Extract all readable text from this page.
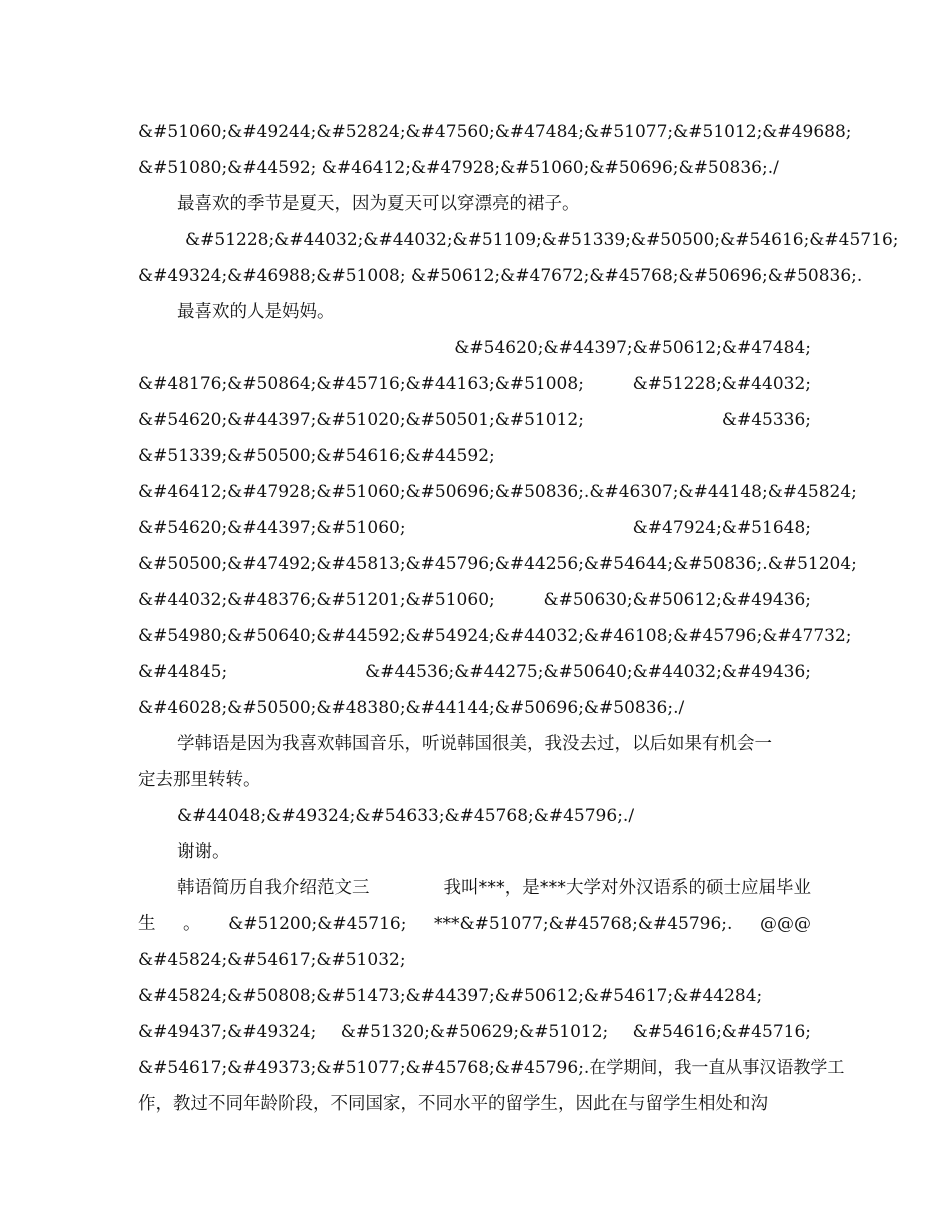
&#51060;&#49244; &#52824;&#47560;&#47484; &#51077;&#51012;&#49688;
&#51080;&#44592; &#46412;&#47928;&#51060;&#50696;&#50836;./
最喜欢的季节是夏天，因为夏天可以穿漂亮的裙子。
&#51228;&#44032; &#44032;&#51109; &#51339;&#50500;&#54616;&#45716;
&#49324;&#46988;&#51008; &#50612;&#47672;&#45768;&#50696;&#50836;.
最喜欢的人是妈妈。
&#54620;&#44397;&#50612;&#47484;
&#48176;&#50864;&#45716;&#44163;&#51008;	&#51228;&#44032;
&#54620;&#44397;&#51020;&#50501;&#51012;	&#45336;
&#51339;&#50500;&#54616;&#44592;
&#46412;&#47928;&#51060;&#50696;&#50836;. &#46307;&#44148;&#45824;
&#54620;&#44397;&#51060;	&#47924;&#51648;
&#50500;&#47492;&#45813;&#45796;&#44256; &#54644;&#50836;. &#51204;
&#44032;&#48376;&#51201;&#51060;	&#50630;&#50612;&#49436;
&#54980;&#50640; &#44592;&#54924;&#44032; &#46108;&#45796;&#47732;
&#44845;	&#44536;&#44275;&#50640;&#44032;&#49436;
&#46028;&#50500;&#48380;&#44144;&#50696;&#50836;./
学韩语是因为我喜欢韩国音乐，听说韩国很美，我没去过，以后如果有机会一
定去那里转转。
&#44048;&#49324;&#54633;&#45768;&#45796;./
谢谢。
韩语简历自我介绍范文三	我叫***，是***大学对外汉语系的硕士应届毕业
生 。 &#51200;&#45716; ***&#51077;&#45768;&#45796;. @@@
&#45824;&#54617;&#51032;
&#45824;&#50808;&#51473;&#44397;&#50612;&#54617;&#44284;
&#49437;&#49324; &#51320;&#50629;&#51012; &#54616;&#45716;
&#54617;&#49373;&#51077;&#45768;&#45796;.在学期间，我一直从事汉语教学工
作，教过不同年龄阶段，不同国家，不同水平的留学生，因此在与留学生相处和沟
